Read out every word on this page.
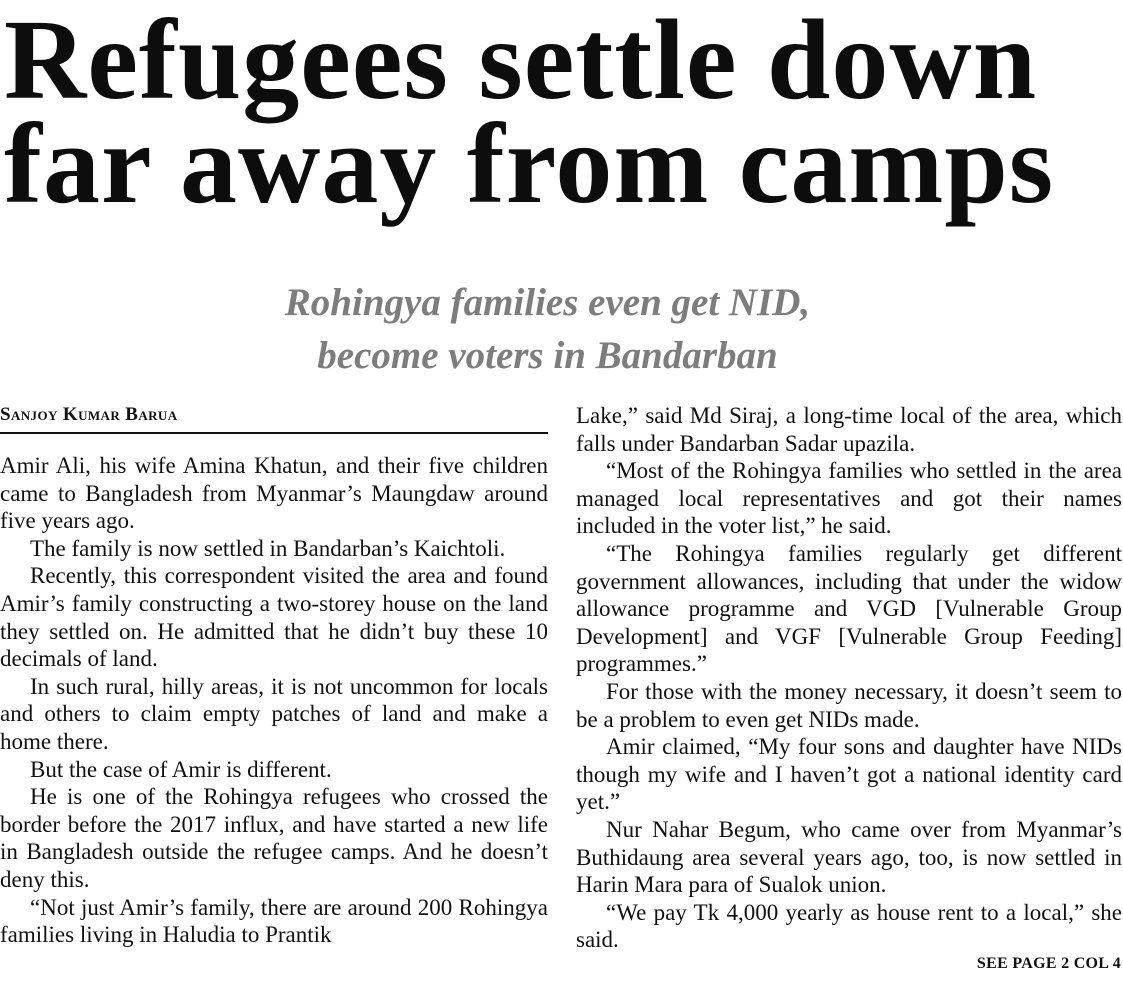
Refugees settle down
far away from camps
Rohingya families even get NID,
become voters in Bandarban
Sanjoy Kumar Barua

Amir Ali, his wife Amina Khatun, and their five children came to Bangladesh from Myanmar’s Maungdaw around five years ago.

The family is now settled in Bandarban’s Kaichtoli.

Recently, this correspondent visited the area and found Amir’s family constructing a two-storey house on the land they settled on. He admitted that he didn’t buy these 10 decimals of land.

In such rural, hilly areas, it is not uncommon for locals and others to claim empty patches of land and make a home there.

But the case of Amir is different.

He is one of the Rohingya refugees who crossed the border before the 2017 influx, and have started a new life in Bangladesh outside the refugee camps. And he doesn’t deny this.

“Not just Amir’s family, there are around 200 Rohingya families living in Haludia to Prantik

Lake,” said Md Siraj, a long-time local of the area, which falls under Bandarban Sadar upazila.

“Most of the Rohingya families who settled in the area managed local representatives and got their names included in the voter list,” he said.

“The Rohingya families regularly get different government allowances, including that under the widow allowance programme and VGD [Vulnerable Group Development] and VGF [Vulnerable Group Feeding] programmes.”

For those with the money necessary, it doesn’t seem to be a problem to even get NIDs made.

Amir claimed, “My four sons and daughter have NIDs though my wife and I haven’t got a national identity card yet.”

Nur Nahar Begum, who came over from Myanmar’s Buthidaung area several years ago, too, is now settled in Harin Mara para of Sualok union.

“We pay Tk 4,000 yearly as house rent to a local,” she said.

SEE PAGE 2 COL 4
